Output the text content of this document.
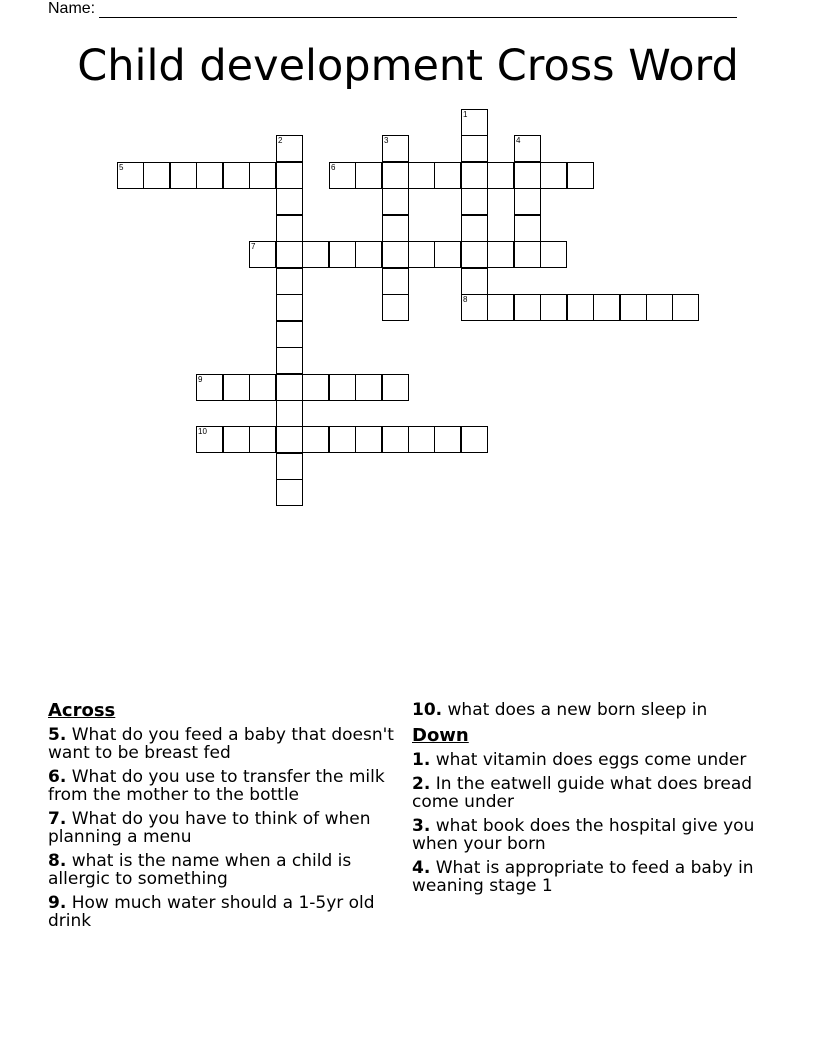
Name:
Child development Cross Word
1
8
2	3	4
5	6
7
9
10
Across
5. What do you feed a baby that doesn't want to be breast fed
6. What do you use to transfer the milk from the mother to the bottle
7. What do you have to think of when planning a menu
8. what is the name when a child is allergic to something
9. How much water should a 1-5yr old drink
10. what does a new born sleep in
Down
1. what vitamin does eggs come under
2. In the eatwell guide what does bread come under
3. what book does the hospital give you when your born
4. What is appropriate to feed a baby in weaning stage 1
